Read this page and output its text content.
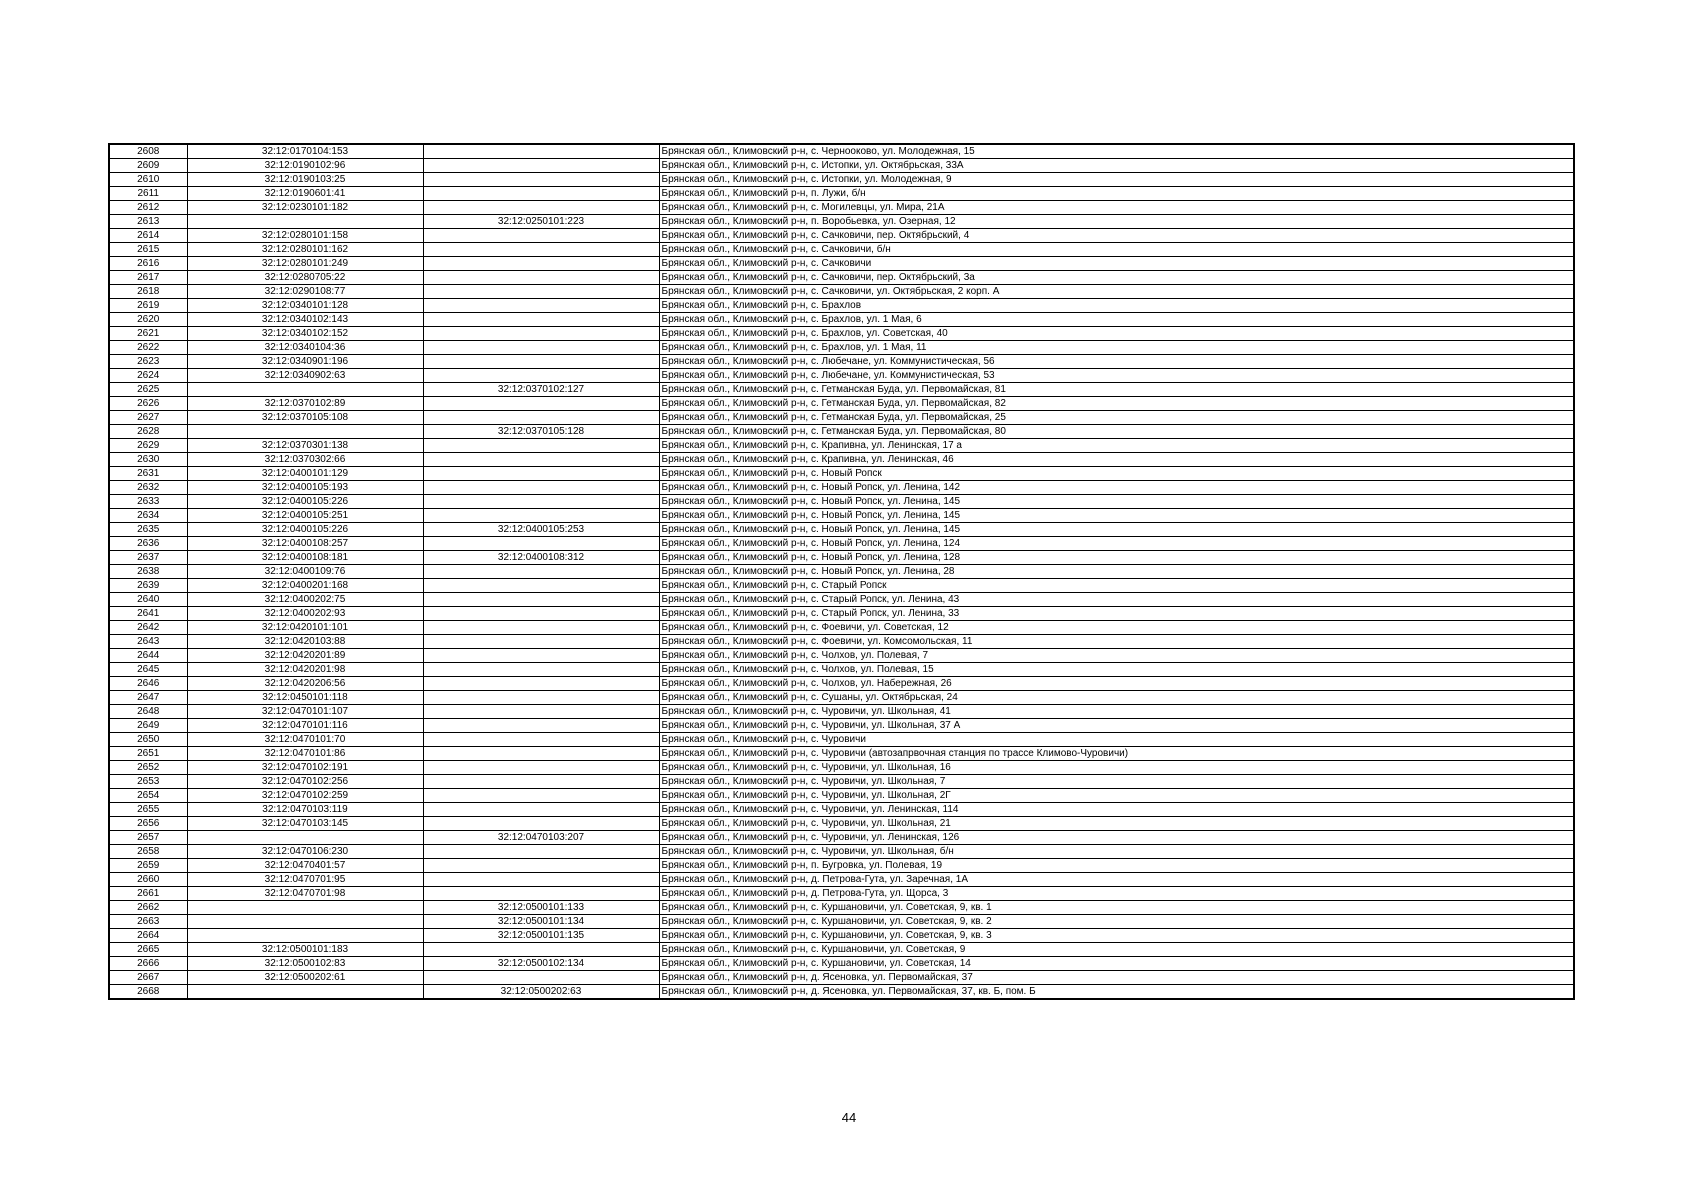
2608	32:12:0170104:153		Брянская обл., Климовский р-н, с. Чернооково, ул. Молодежная, 15
2609	32:12:0190102:96		Брянская обл., Климовский р-н, с. Истопки, ул. Октябрьская, 33А
2610	32:12:0190103:25		Брянская обл., Климовский р-н, с. Истопки, ул. Молодежная, 9
2611	32:12:0190601:41		Брянская обл., Климовский р-н, п. Лужи, б/н
2612	32:12:0230101:182		Брянская обл., Климовский р-н, с. Могилевцы, ул. Мира, 21А
2613		32:12:0250101:223	Брянская обл., Климовский р-н, п. Воробьевка, ул. Озерная, 12
2614	32:12:0280101:158		Брянская обл., Климовский р-н, с. Сачковичи, пер. Октябрьский, 4
2615	32:12:0280101:162		Брянская обл., Климовский р-н, с. Сачковичи, б/н
2616	32:12:0280101:249		Брянская обл., Климовский р-н, с. Сачковичи
2617	32:12:0280705:22		Брянская обл., Климовский р-н, с. Сачковичи, пер. Октябрьский, 3а
2618	32:12:0290108:77		Брянская обл., Климовский р-н, с. Сачковичи, ул. Октябрьская, 2 корп. А
2619	32:12:0340101:128		Брянская обл., Климовский р-н, с. Брахлов
2620	32:12:0340102:143		Брянская обл., Климовский р-н, с. Брахлов, ул. 1 Мая, 6
2621	32:12:0340102:152		Брянская обл., Климовский р-н, с. Брахлов, ул. Советская, 40
2622	32:12:0340104:36		Брянская обл., Климовский р-н, с. Брахлов, ул. 1 Мая, 11
2623	32:12:0340901:196		Брянская обл., Климовский р-н, с. Любечане, ул. Коммунистическая, 56
2624	32:12:0340902:63		Брянская обл., Климовский р-н, с. Любечане, ул. Коммунистическая, 53
2625		32:12:0370102:127	Брянская обл., Климовский р-н, с. Гетманская Буда, ул. Первомайская, 81
2626	32:12:0370102:89		Брянская обл., Климовский р-н, с. Гетманская Буда, ул. Первомайская, 82
2627	32:12:0370105:108		Брянская обл., Климовский р-н, с. Гетманская Буда, ул. Первомайская, 25
2628		32:12:0370105:128	Брянская обл., Климовский р-н, с. Гетманская Буда, ул. Первомайская, 80
2629	32:12:0370301:138		Брянская обл., Климовский р-н, с. Крапивна, ул. Ленинская, 17 а
2630	32:12:0370302:66		Брянская обл., Климовский р-н, с. Крапивна, ул. Ленинская, 46
2631	32:12:0400101:129		Брянская обл., Климовский р-н, с. Новый Ропск
2632	32:12:0400105:193		Брянская обл., Климовский р-н, с. Новый Ропск, ул. Ленина, 142
2633	32:12:0400105:226		Брянская обл., Климовский р-н, с. Новый Ропск, ул. Ленина, 145
2634	32:12:0400105:251		Брянская обл., Климовский р-н, с. Новый Ропск, ул. Ленина, 145
2635	32:12:0400105:226	32:12:0400105:253	Брянская обл., Климовский р-н, с. Новый Ропск, ул. Ленина, 145
2636	32:12:0400108:257		Брянская обл., Климовский р-н, с. Новый Ропск, ул. Ленина, 124
2637	32:12:0400108:181	32:12:0400108:312	Брянская обл., Климовский р-н, с. Новый Ропск, ул. Ленина, 128
2638	32:12:0400109:76		Брянская обл., Климовский р-н, с. Новый Ропск, ул. Ленина, 28
2639	32:12:0400201:168		Брянская обл., Климовский р-н, с. Старый Ропск
2640	32:12:0400202:75		Брянская обл., Климовский р-н, с. Старый Ропск, ул. Ленина, 43
2641	32:12:0400202:93		Брянская обл., Климовский р-н, с. Старый Ропск, ул. Ленина, 33
2642	32:12:0420101:101		Брянская обл., Климовский р-н, с. Фоевичи, ул. Советская, 12
2643	32:12:0420103:88		Брянская обл., Климовский р-н, с. Фоевичи, ул. Комсомольская, 11
2644	32:12:0420201:89		Брянская обл., Климовский р-н, с. Чолхов, ул. Полевая, 7
2645	32:12:0420201:98		Брянская обл., Климовский р-н, с. Чолхов, ул. Полевая, 15
2646	32:12:0420206:56		Брянская обл., Климовский р-н, с. Чолхов, ул. Набережная, 26
2647	32:12:0450101:118		Брянская обл., Климовский р-н, с. Сушаны, ул. Октябрьская, 24
2648	32:12:0470101:107		Брянская обл., Климовский р-н, с. Чуровичи, ул. Школьная, 41
2649	32:12:0470101:116		Брянская обл., Климовский р-н, с. Чуровичи, ул. Школьная, 37 А
2650	32:12:0470101:70		Брянская обл., Климовский р-н, с. Чуровичи
2651	32:12:0470101:86		Брянская обл., Климовский р-н, с. Чуровичи (автозапрвочная станция по трассе Климово-Чуровичи)
2652	32:12:0470102:191		Брянская обл., Климовский р-н, с. Чуровичи, ул. Школьная, 16
2653	32:12:0470102:256		Брянская обл., Климовский р-н, с. Чуровичи, ул. Школьная, 7
2654	32:12:0470102:259		Брянская обл., Климовский р-н, с. Чуровичи, ул. Школьная, 2Г
2655	32:12:0470103:119		Брянская обл., Климовский р-н, с. Чуровичи, ул. Ленинская, 114
2656	32:12:0470103:145		Брянская обл., Климовский р-н, с. Чуровичи, ул. Школьная, 21
2657		32:12:0470103:207	Брянская обл., Климовский р-н, с. Чуровичи, ул. Ленинская, 126
2658	32:12:0470106:230		Брянская обл., Климовский р-н, с. Чуровичи, ул. Школьная, б/н
2659	32:12:0470401:57		Брянская обл., Климовский р-н, п. Бугровка, ул. Полевая, 19
2660	32:12:0470701:95		Брянская обл., Климовский р-н, д. Петрова-Гута, ул. Заречная, 1А
2661	32:12:0470701:98		Брянская обл., Климовский р-н, д. Петрова-Гута, ул. Щорса, 3
2662		32:12:0500101:133	Брянская обл., Климовский р-н, с. Куршановичи, ул. Советская, 9, кв. 1
2663		32:12:0500101:134	Брянская обл., Климовский р-н, с. Куршановичи, ул. Советская, 9, кв. 2
2664		32:12:0500101:135	Брянская обл., Климовский р-н, с. Куршановичи, ул. Советская, 9, кв. 3
2665	32:12:0500101:183		Брянская обл., Климовский р-н, с. Куршановичи, ул. Советская, 9
2666	32:12:0500102:83	32:12:0500102:134	Брянская обл., Климовский р-н, с. Куршановичи, ул. Советская, 14
2667	32:12:0500202:61		Брянская обл., Климовский р-н, д. Ясеновка, ул. Первомайская, 37
2668		32:12:0500202:63	Брянская обл., Климовский р-н, д. Ясеновка, ул. Первомайская, 37, кв. Б, пом. Б
44
